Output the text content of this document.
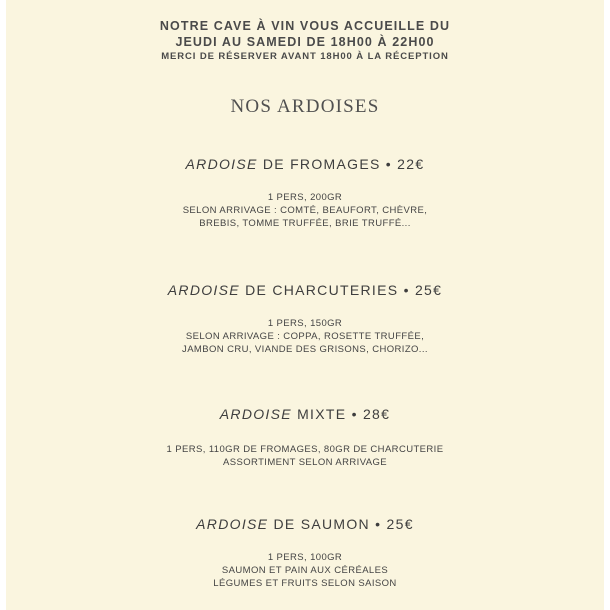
NOTRE CAVE À VIN VOUS ACCUEILLE DU
JEUDI AU SAMEDI DE 18H00 À 22H00
MERCI DE RÉSERVER AVANT 18H00 À LA RÉCEPTION
NOS ARDOISES
ARDOISE DE FROMAGES • 22€
1 PERS, 200GR
SELON ARRIVAGE : COMTÉ, BEAUFORT, CHÈVRE,
BREBIS, TOMME TRUFFÉE, BRIE TRUFFÉ...
ARDOISE DE CHARCUTERIES • 25€
1 PERS, 150GR
SELON ARRIVAGE : COPPA, ROSETTE TRUFFÉE,
JAMBON CRU, VIANDE DES GRISONS, CHORIZO...
ARDOISE MIXTE • 28€
1 PERS, 110GR DE FROMAGES, 80GR DE CHARCUTERIE
ASSORTIMENT SELON ARRIVAGE
ARDOISE DE SAUMON • 25€
1 PERS, 100GR
SAUMON ET PAIN AUX CÉRÉALES
LÉGUMES ET FRUITS SELON SAISON
